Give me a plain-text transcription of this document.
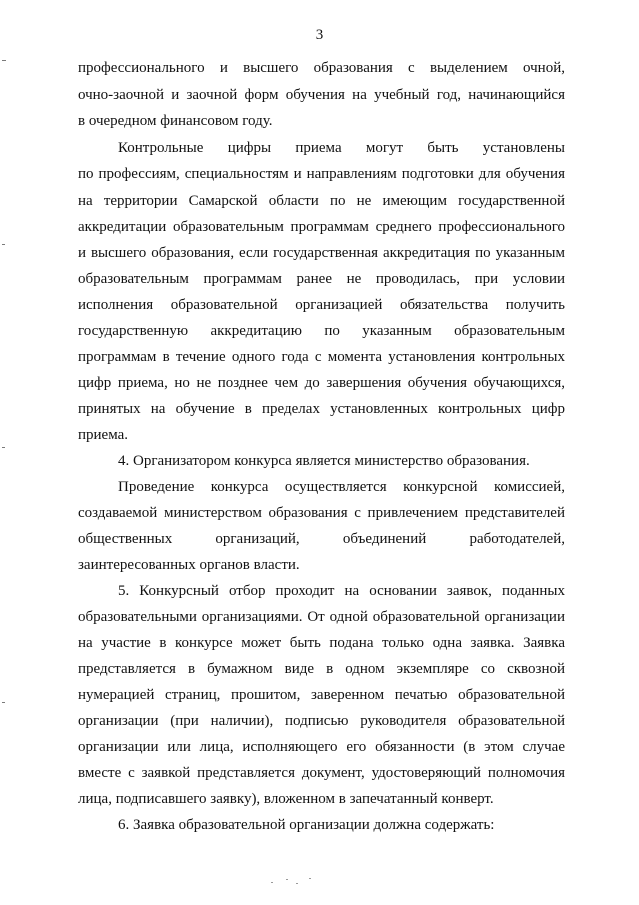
3
профессионального и высшего образования с выделением очной,
очно-заочной и заочной форм обучения на учебный год, начинающийся
в очередном финансовом году.
Контрольные цифры приема могут быть установлены
по профессиям, специальностям и направлениям подготовки для обучения
на территории Самарской области по не имеющим государственной
аккредитации образовательным программам среднего профессионального
и высшего образования, если государственная аккредитация по указанным
образовательным программам ранее не проводилась, при условии
исполнения образовательной организацией обязательства получить
государственную аккредитацию по указанным образовательным
программам в течение одного года с момента установления контрольных
цифр приема, но не позднее чем до завершения обучения обучающихся,
принятых на обучение в пределах установленных контрольных цифр
приема.
4. Организатором конкурса является министерство образования.
Проведение конкурса осуществляется конкурсной комиссией,
создаваемой министерством образования с привлечением представителей
общественных организаций, объединений работодателей,
заинтересованных органов власти.
5. Конкурсный отбор проходит на основании заявок, поданных
образовательными организациями. От одной образовательной организации
на участие в конкурсе может быть подана только одна заявка. Заявка
представляется в бумажном виде в одном экземпляре со сквозной
нумерацией страниц, прошитом, заверенном печатью образовательной
организации (при наличии), подписью руководителя образовательной
организации или лица, исполняющего его обязанности (в этом случае
вместе с заявкой представляется документ, удостоверяющий полномочия
лица, подписавшего заявку), вложенном в запечатанный конверт.
6. Заявка образовательной организации должна содержать:
